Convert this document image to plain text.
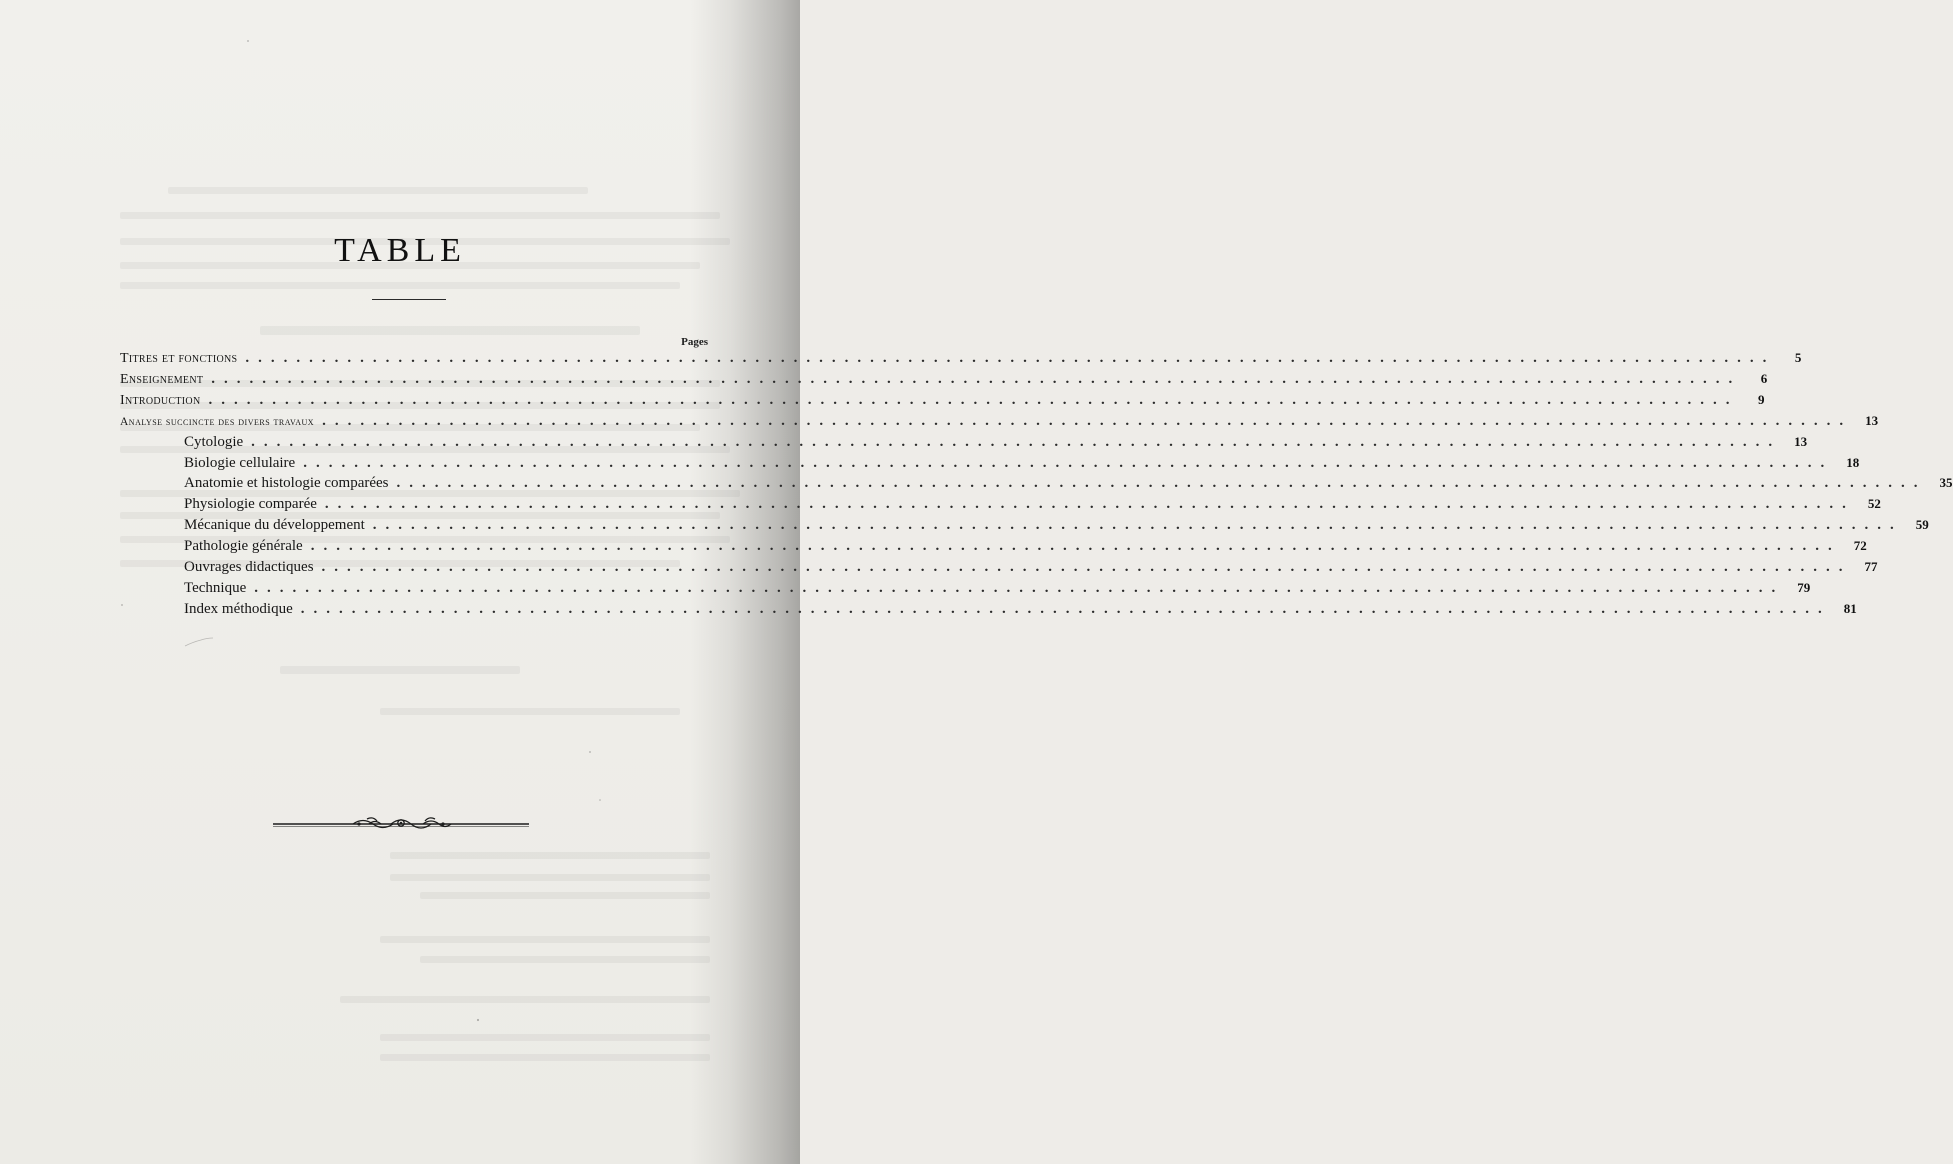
TABLE
Pages
Titres et fonctions ........................................................................................................................	5
Enseignement ........................................................................................................................	6
Introduction ........................................................................................................................	9
Analyse succincte des divers travaux ........................................................................................................................	13
Cytologie ........................................................................................................................	13
Biologie cellulaire ........................................................................................................................	18
Anatomie et histologie comparées ........................................................................................................................	35
Physiologie comparée ........................................................................................................................	52
Mécanique du développement ........................................................................................................................	59
Pathologie générale ........................................................................................................................	72
Ouvrages didactiques ........................................................................................................................	77
Technique ........................................................................................................................	79
Index méthodique ........................................................................................................................	81
